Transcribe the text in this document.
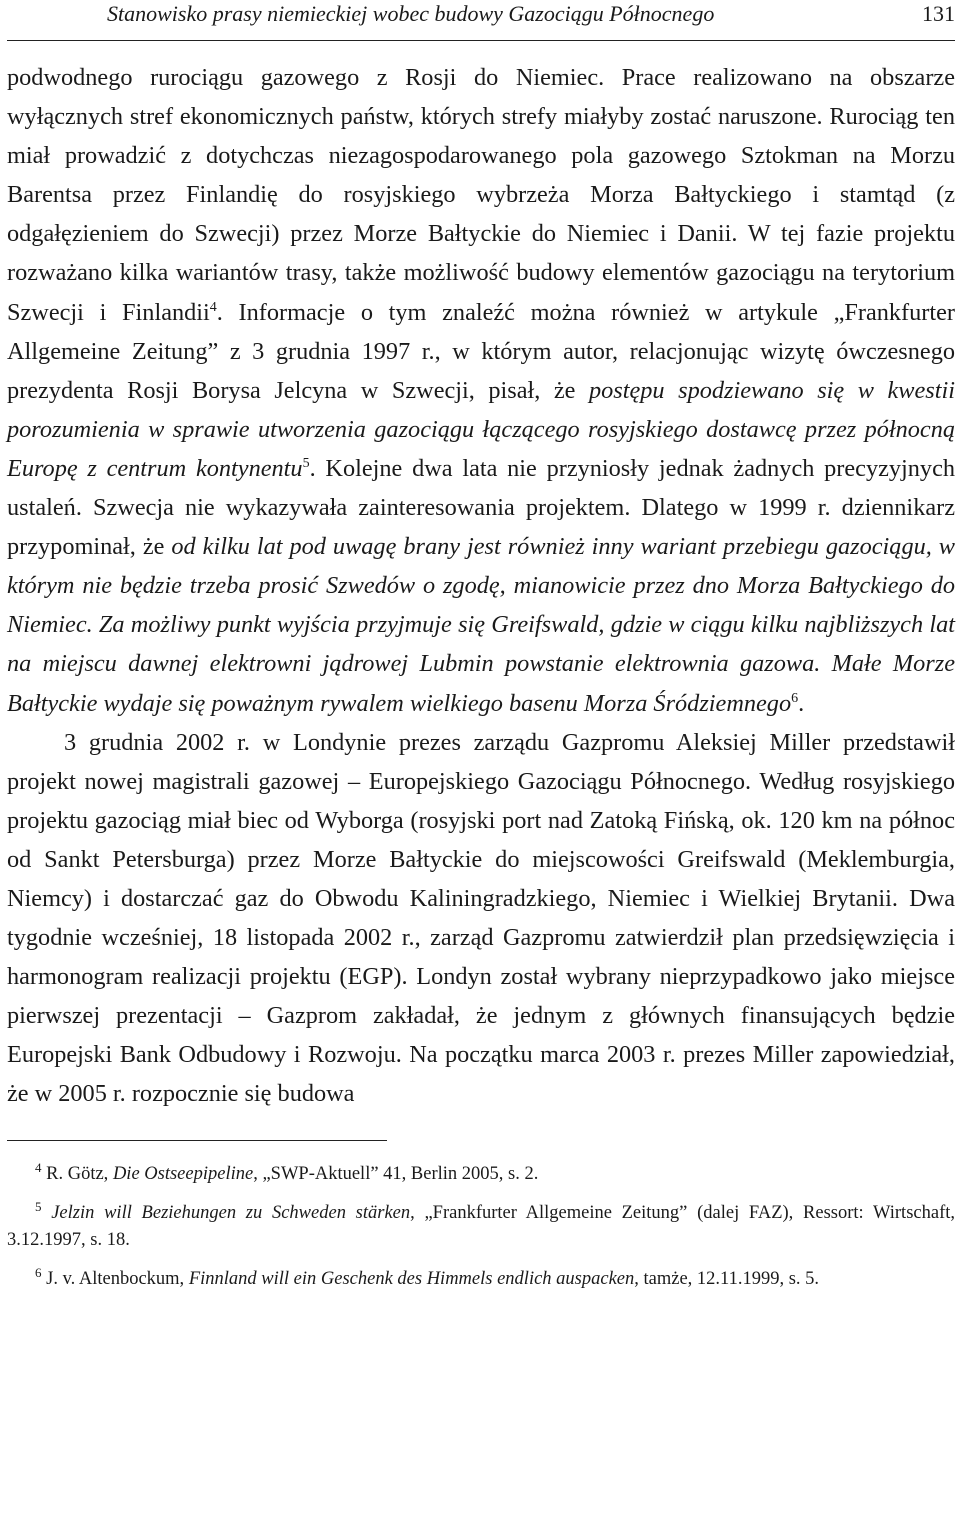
Stanowisko prasy niemieckiej wobec budowy Gazociągu Północnego	131

podwodnego rurociągu gazowego z Rosji do Niemiec. Prace realizowano na obszarze wyłącznych stref ekonomicznych państw, których strefy miałyby zostać naruszone. Rurociąg ten miał prowadzić z dotychczas niezagospodarowanego pola gazowego Sztokman na Morzu Barentsa przez Finlandię do rosyjskiego wybrzeża Morza Bałtyckiego i stamtąd (z odgałęzieniem do Szwecji) przez Morze Bałtyckie do Niemiec i Danii. W tej fazie projektu rozważano kilka wariantów trasy, także możliwość budowy elementów gazociągu na terytorium Szwecji i Finlandii$^4$. Informacje o tym znaleźć można również w artykule „Frankfurter Allgemeine Zeitung” z 3 grudnia 1997 r., w którym autor, relacjonując wizytę ówczesnego prezydenta Rosji Borysa Jelcyna w Szwecji, pisał, że postępu spodziewano się w kwestii porozumienia w sprawie utworzenia gazociągu łączącego rosyjskiego dostawcę przez północną Europę z centrum kontynentu$^5$. Kolejne dwa lata nie przyniosły jednak żadnych precyzyjnych ustaleń. Szwecja nie wykazywała zainteresowania projektem. Dlatego w 1999 r. dziennikarz przypominał, że od kilku lat pod uwagę brany jest również inny wariant przebiegu gazociągu, w którym nie będzie trzeba prosić Szwedów o zgodę, mianowicie przez dno Morza Bałtyckiego do Niemiec. Za możliwy punkt wyjścia przyjmuje się Greifswald, gdzie w ciągu kilku najbliższych lat na miejscu dawnej elektrowni jądrowej Lubmin powstanie elektrownia gazowa. Małe Morze Bałtyckie wydaje się poważnym rywalem wielkiego basenu Morza Śródziemnego$^6$.

3 grudnia 2002 r. w Londynie prezes zarządu Gazpromu Aleksiej Miller przedstawił projekt nowej magistrali gazowej – Europejskiego Gazociągu Północnego. Według rosyjskiego projektu gazociąg miał biec od Wyborga (rosyjski port nad Zatoką Fińską, ok. 120 km na północ od Sankt Petersburga) przez Morze Bałtyckie do miejscowości Greifswald (Meklemburgia, Niemcy) i dostarczać gaz do Obwodu Kaliningradzkiego, Niemiec i Wielkiej Brytanii. Dwa tygodnie wcześniej, 18 listopada 2002 r., zarząd Gazpromu zatwierdził plan przedsięwzięcia i harmonogram realizacji projektu (EGP). Londyn został wybrany nieprzypadkowo jako miejsce pierwszej prezentacji – Gazprom zakładał, że jednym z głównych finansujących będzie Europejski Bank Odbudowy i Rozwoju. Na początku marca 2003 r. prezes Miller zapowiedział, że w 2005 r. rozpocznie się budowa

$^4$ R. Götz, Die Ostseepipeline, „SWP-Aktuell” 41, Berlin 2005, s. 2.

$^5$ Jelzin will Beziehungen zu Schweden stärken, „Frankfurter Allgemeine Zeitung” (dalej FAZ), Ressort: Wirtschaft, 3.12.1997, s. 18.

$^6$ J. v. Altenbockum, Finnland will ein Geschenk des Himmels endlich auspacken, tamże, 12.11.1999, s. 5.
